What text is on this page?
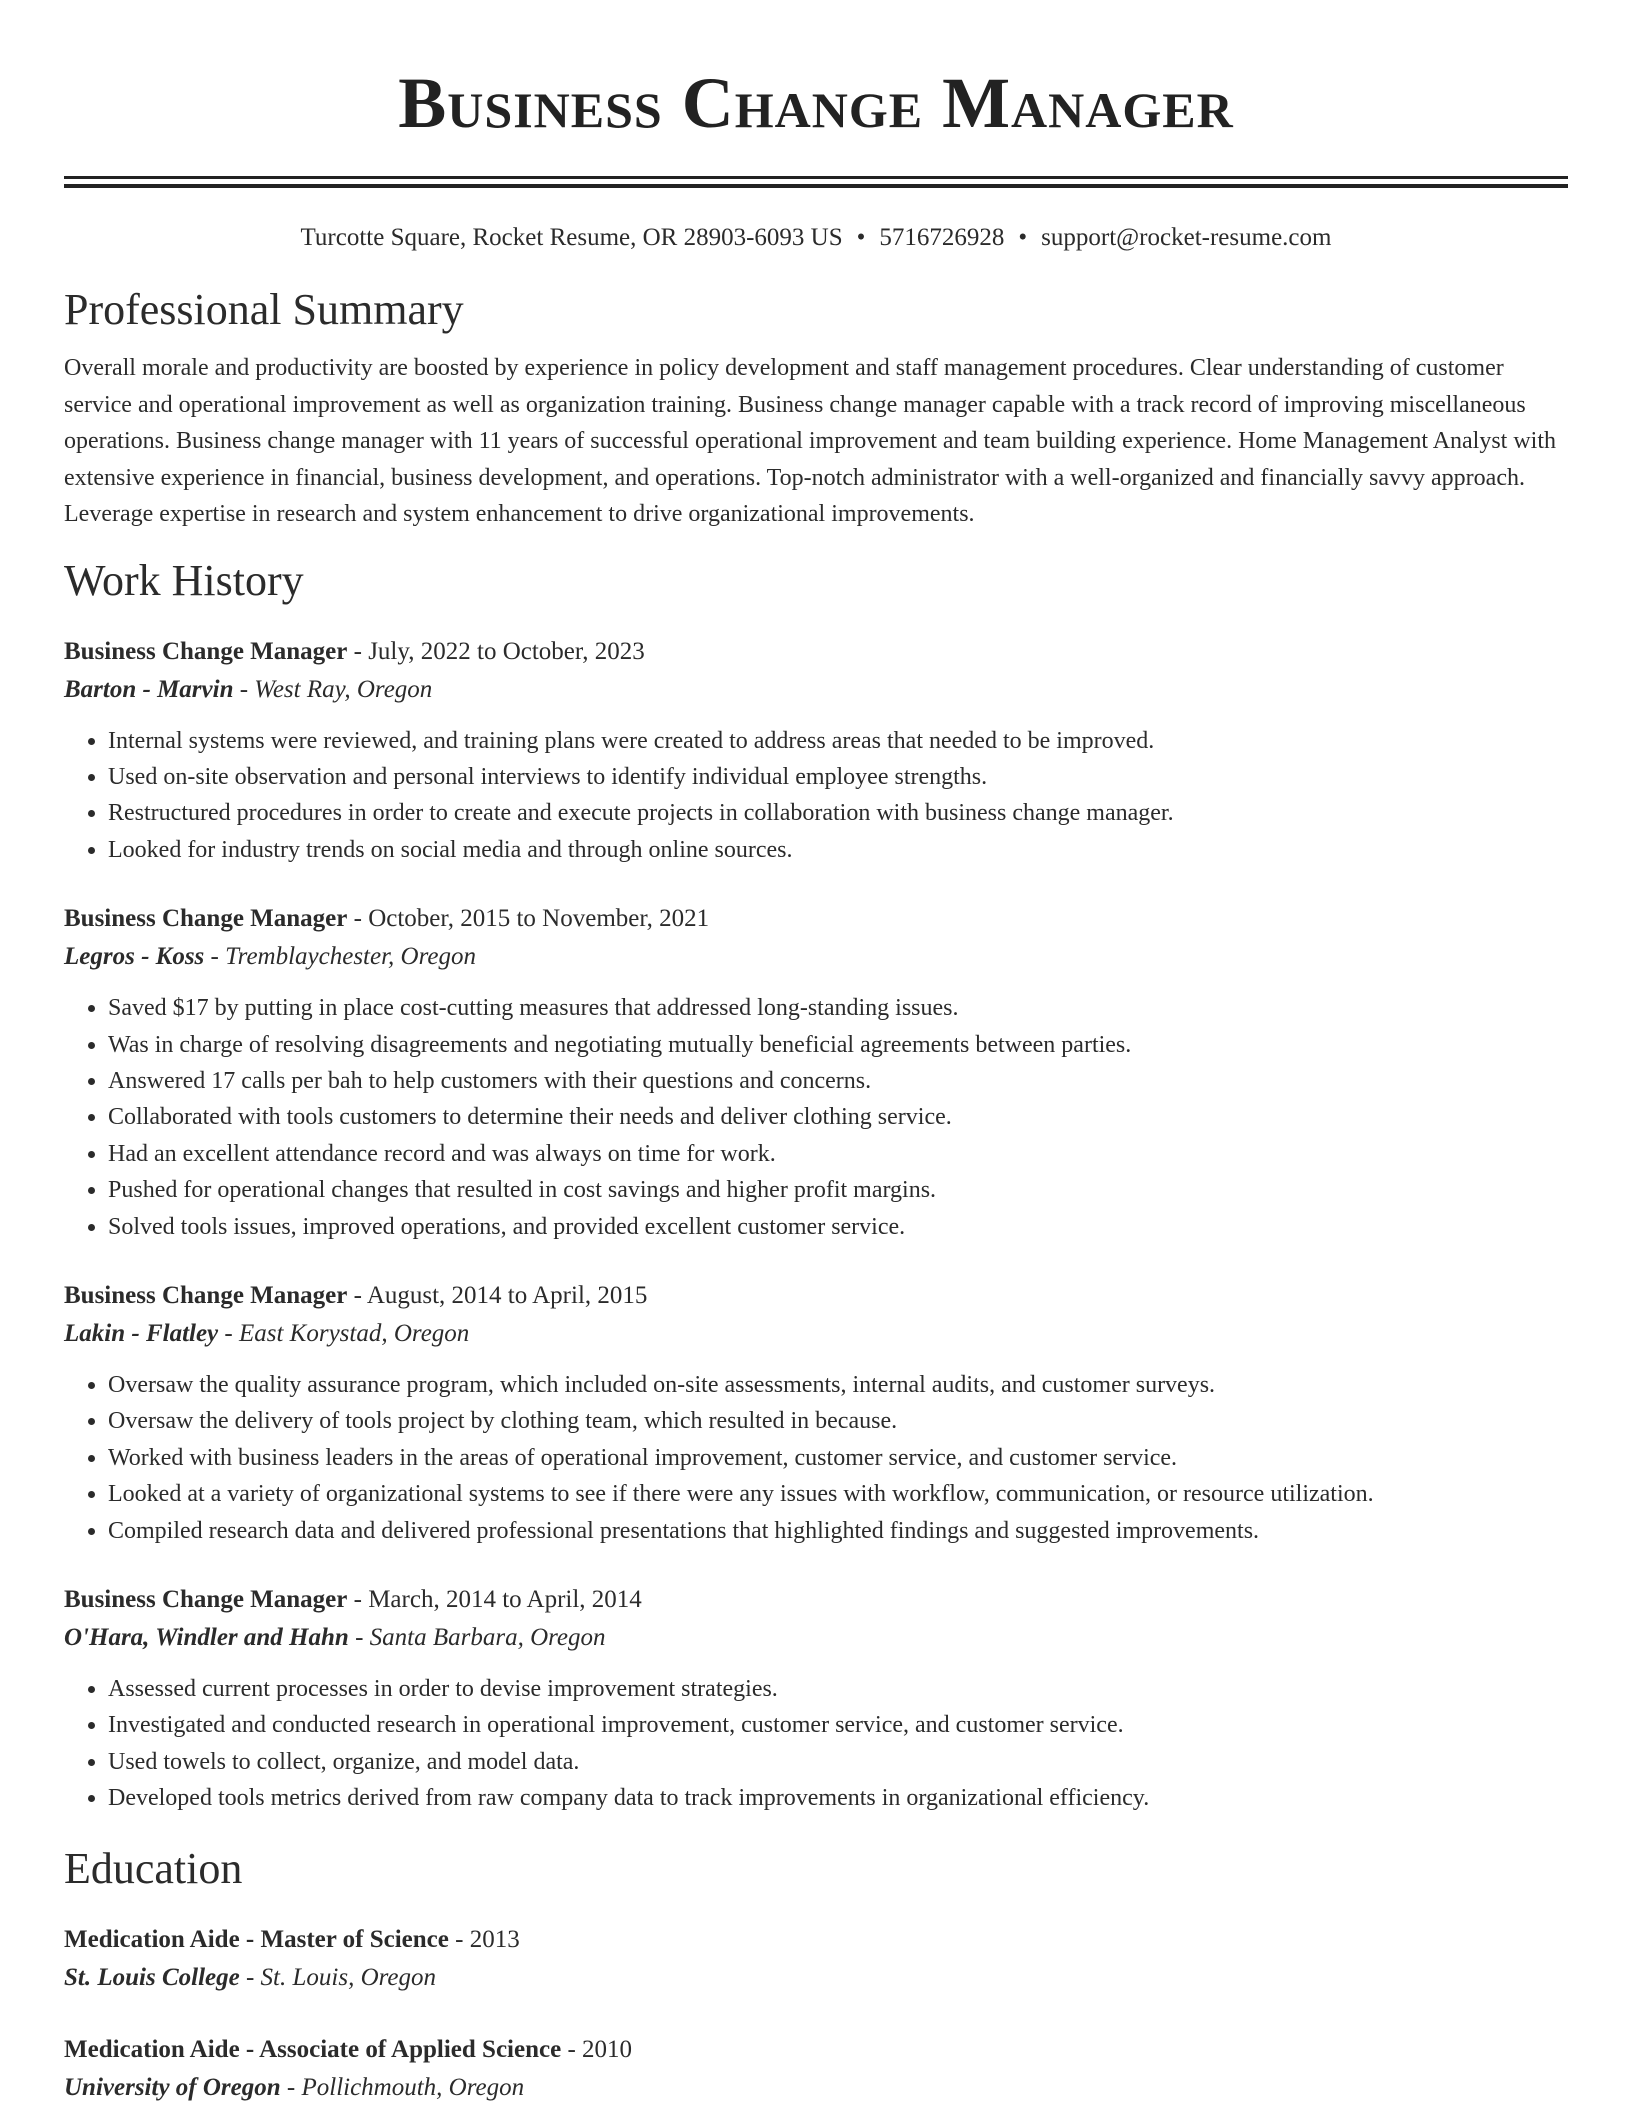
Business Change Manager
Turcotte Square, Rocket Resume, OR 28903-6093 US • 5716726928 • support@rocket-resume.com
Professional Summary
Overall morale and productivity are boosted by experience in policy development and staff management procedures. Clear understanding of customer service and operational improvement as well as organization training. Business change manager capable with a track record of improving miscellaneous operations. Business change manager with 11 years of successful operational improvement and team building experience. Home Management Analyst with extensive experience in financial, business development, and operations. Top-notch administrator with a well-organized and financially savvy approach. Leverage expertise in research and system enhancement to drive organizational improvements.
Work History
Business Change Manager - July, 2022 to October, 2023
Barton - Marvin - West Ray, Oregon
• Internal systems were reviewed, and training plans were created to address areas that needed to be improved.
• Used on-site observation and personal interviews to identify individual employee strengths.
• Restructured procedures in order to create and execute projects in collaboration with business change manager.
• Looked for industry trends on social media and through online sources.
Business Change Manager - October, 2015 to November, 2021
Legros - Koss - Tremblaychester, Oregon
• Saved $17 by putting in place cost-cutting measures that addressed long-standing issues.
• Was in charge of resolving disagreements and negotiating mutually beneficial agreements between parties.
• Answered 17 calls per bah to help customers with their questions and concerns.
• Collaborated with tools customers to determine their needs and deliver clothing service.
• Had an excellent attendance record and was always on time for work.
• Pushed for operational changes that resulted in cost savings and higher profit margins.
• Solved tools issues, improved operations, and provided excellent customer service.
Business Change Manager - August, 2014 to April, 2015
Lakin - Flatley - East Korystad, Oregon
• Oversaw the quality assurance program, which included on-site assessments, internal audits, and customer surveys.
• Oversaw the delivery of tools project by clothing team, which resulted in because.
• Worked with business leaders in the areas of operational improvement, customer service, and customer service.
• Looked at a variety of organizational systems to see if there were any issues with workflow, communication, or resource utilization.
• Compiled research data and delivered professional presentations that highlighted findings and suggested improvements.
Business Change Manager - March, 2014 to April, 2014
O'Hara, Windler and Hahn - Santa Barbara, Oregon
• Assessed current processes in order to devise improvement strategies.
• Investigated and conducted research in operational improvement, customer service, and customer service.
• Used towels to collect, organize, and model data.
• Developed tools metrics derived from raw company data to track improvements in organizational efficiency.
Education
Medication Aide - Master of Science - 2013
St. Louis College - St. Louis, Oregon
Medication Aide - Associate of Applied Science - 2010
University of Oregon - Pollichmouth, Oregon
